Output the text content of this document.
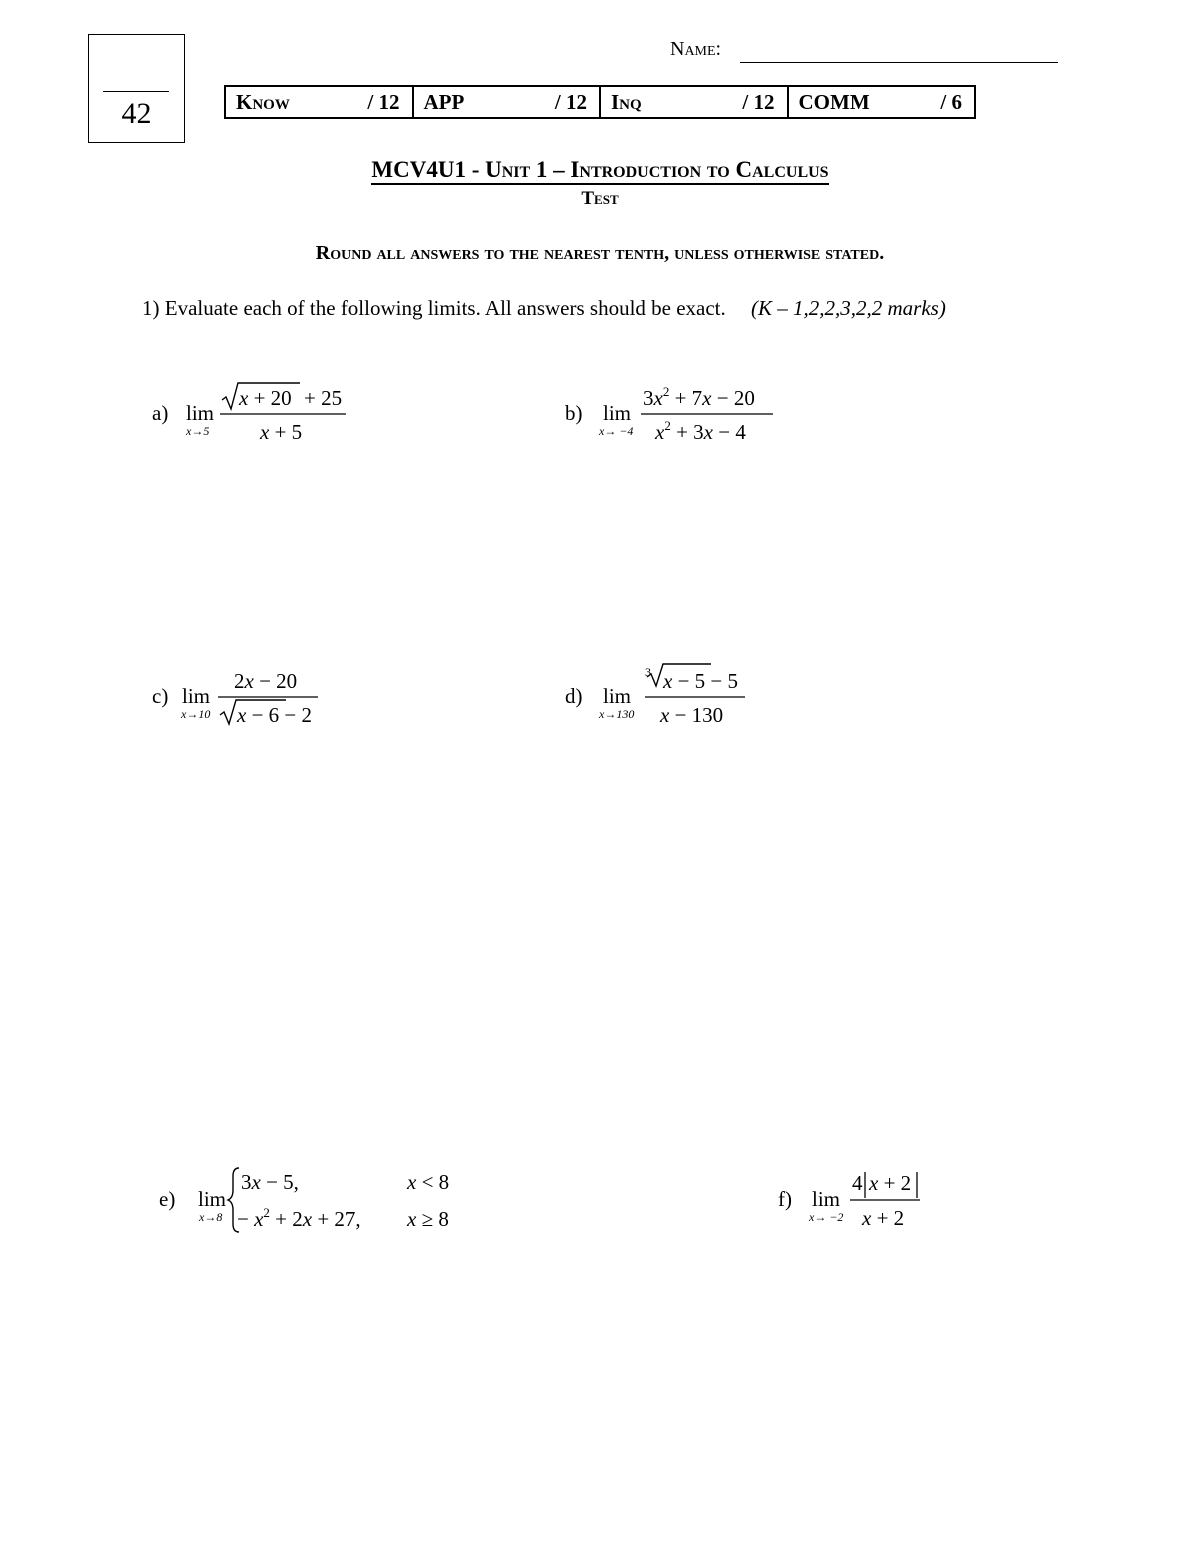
42
Name:
Know	/ 12 APP	/ 12 Inq	/ 12 COMM	/ 6
MCV4U1 - Unit 1 – Introduction to Calculus
Test
Round all answers to the nearest tenth, unless otherwise stated.
1) Evaluate each of the following limits. All answers should be exact. (K – 1,2,2,3,2,2 marks)
a) lim
x→5
x + 20 + 25
x + 5
b) lim
x→ −4
$3x^2 + 7x - 20$
$x^2 + 3x - 4$
c) lim
x→10
2x − 20
x − 6 − 2
d) lim
x→130
3 x − 5 − 5
x − 130
e) lim
x→8
3x − 5,	x < 8
− $x^2 + 2x + 27$, x ≥ 8
f) lim
x→ −2
4 x + 2
x + 2
